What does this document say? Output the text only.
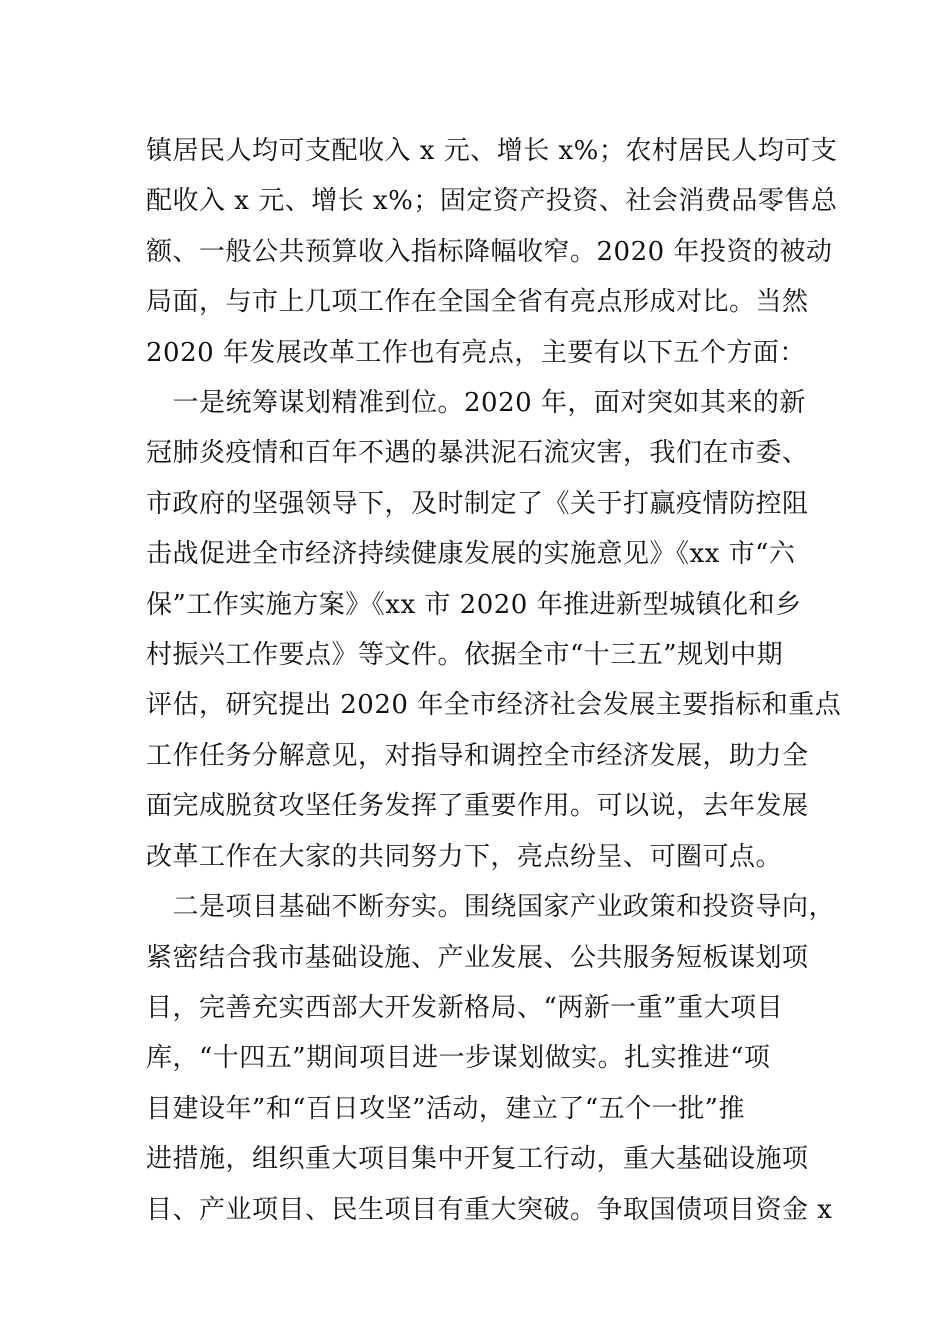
镇居民人均可支配收入 x 元、增长 x%；农村居民人均可支
配收入 x 元、增长 x%；固定资产投资、社会消费品零售总
额、一般公共预算收入指标降幅收窄。2020 年投资的被动
局面，与市上几项工作在全国全省有亮点形成对比。当然
2020 年发展改革工作也有亮点，主要有以下五个方面：
　一是统筹谋划精准到位。2020 年，面对突如其来的新
冠肺炎疫情和百年不遇的暴洪泥石流灾害，我们在市委、
市政府的坚强领导下，及时制定了《关于打赢疫情防控阻
击战促进全市经济持续健康发展的实施意见》《xx 市“六
保”工作实施方案》《xx 市 2020 年推进新型城镇化和乡
村振兴工作要点》等文件。依据全市“十三五”规划中期
评估，研究提出 2020 年全市经济社会发展主要指标和重点
工作任务分解意见，对指导和调控全市经济发展，助力全
面完成脱贫攻坚任务发挥了重要作用。可以说，去年发展
改革工作在大家的共同努力下，亮点纷呈、可圈可点。
　二是项目基础不断夯实。围绕国家产业政策和投资导向，
紧密结合我市基础设施、产业发展、公共服务短板谋划项
目，完善充实西部大开发新格局、“两新一重”重大项目
库，“十四五”期间项目进一步谋划做实。扎实推进“项
目建设年”和“百日攻坚”活动，建立了“五个一批”推
进措施，组织重大项目集中开复工行动，重大基础设施项
目、产业项目、民生项目有重大突破。争取国债项目资金 x
